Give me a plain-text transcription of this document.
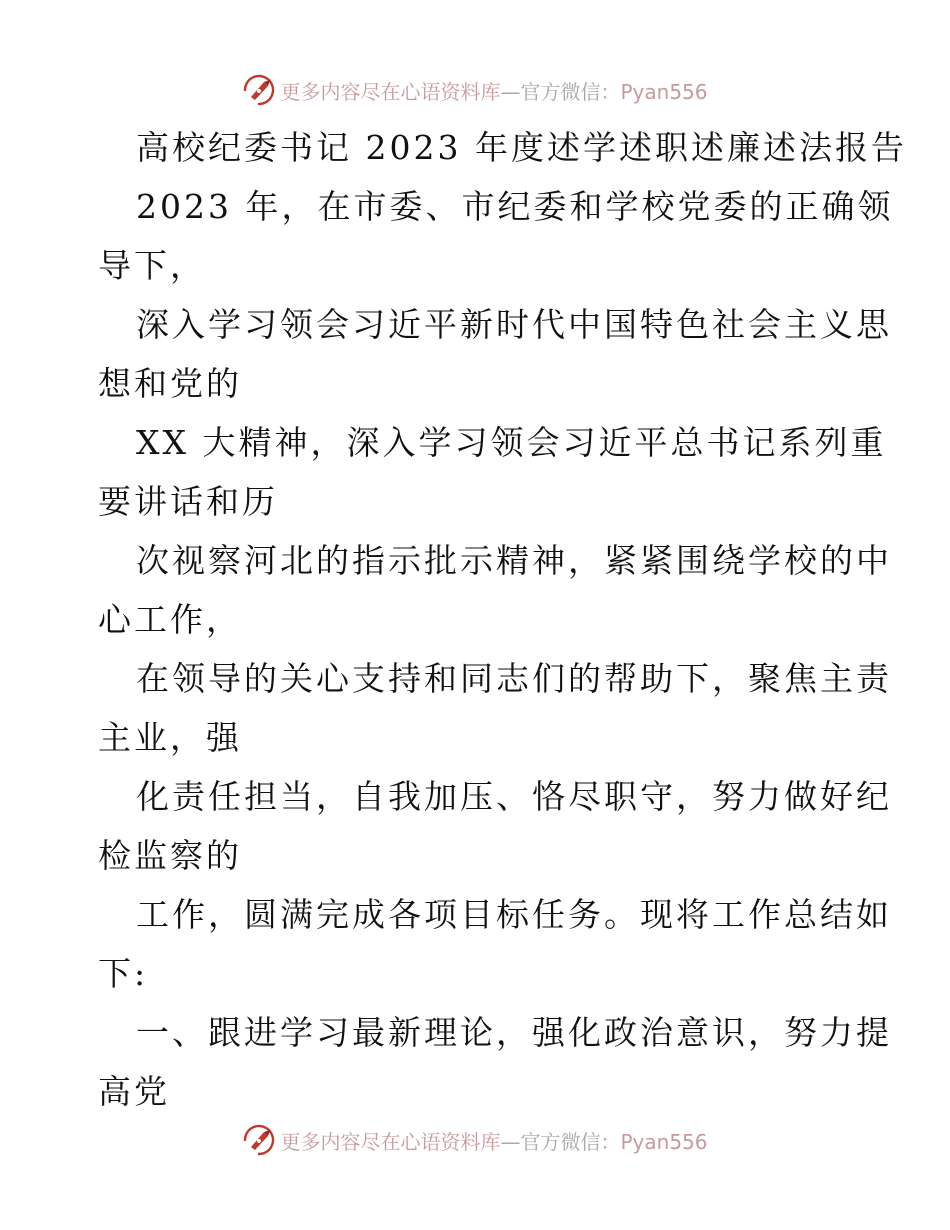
更多内容尽在心语资料库—官方微信：Pyan556
高校纪委书记 2023 年度述学述职述廉述法报告
2023 年，在市委、市纪委和学校党委的正确领
导下，
深入学习领会习近平新时代中国特色社会主义思
想和党的
XX 大精神，深入学习领会习近平总书记系列重
要讲话和历
次视察河北的指示批示精神，紧紧围绕学校的中
心工作，
在领导的关心支持和同志们的帮助下，聚焦主责
主业，强
化责任担当，自我加压、恪尽职守，努力做好纪
检监察的
工作，圆满完成各项目标任务。现将工作总结如
下:
一、跟进学习最新理论，强化政治意识，努力提
高党
更多内容尽在心语资料库—官方微信：Pyan556
